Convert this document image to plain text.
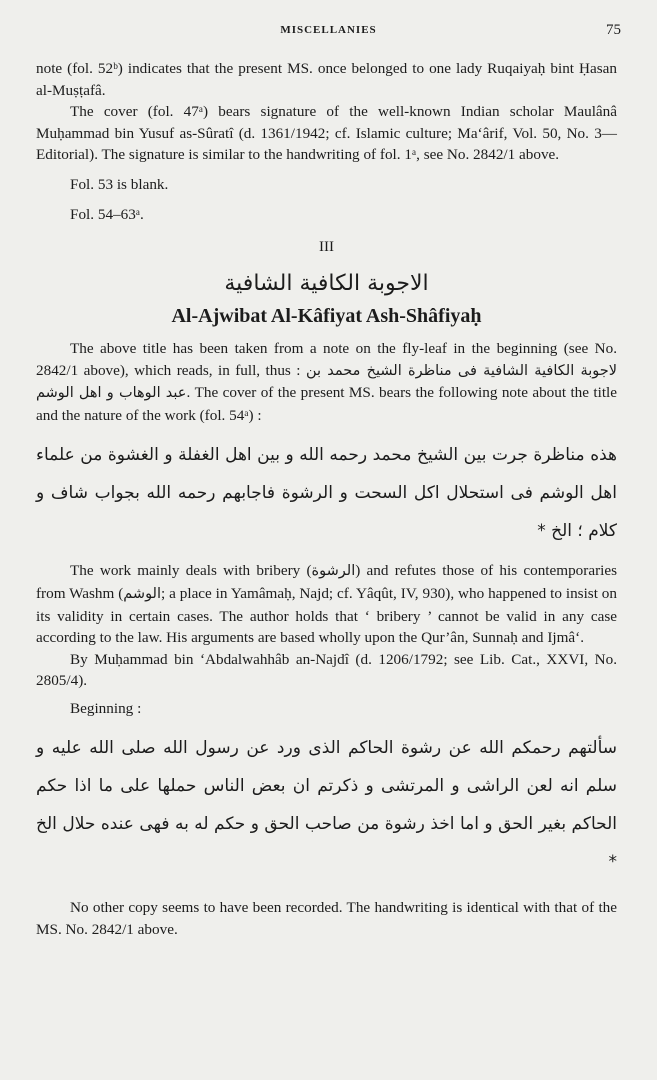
MISCELLANIES	75

note (fol. 52ᵇ) indicates that the present MS. once belonged to one lady Ruqaiyaḥ bint Ḥasan al-Muṣṭafâ.

The cover (fol. 47ᵃ) bears signature of the well-known Indian scholar Maulânâ Muḥammad bin Yusuf as-Sûratî (d. 1361/1942; cf. Islamic culture; Ma‘ârif, Vol. 50, No. 3—Editorial). The signature is similar to the handwriting of fol. 1ᵃ, see No. 2842/1 above.

Fol. 53 is blank.

Fol. 54–63ᵃ.

III
الاجوبة الكافية الشافية
Al-Ajwibat Al-Kâfiyat Ash-Shâfiyaḥ

The above title has been taken from a note on the fly-leaf in the beginning (see No. 2842/1 above), which reads, in full, thus : لاجوبة الكافية الشافية فى مناظرة الشيخ محمد بن عبد الوهاب و اهل الوشم. The cover of the present MS. bears the following note about the title and the nature of the work (fol. 54ᵃ) :

هذه مناظرة جرت بين الشيخ محمد رحمه الله و بين اهل الغفلة و الغشوة من علماء اهل الوشم فى استحلال اكل السحت و الرشوة فاجابهم رحمه الله بجواب شاف و كلام ؛ الخ *

The work mainly deals with bribery (الرشوة) and refutes those of his contemporaries from Washm (الوشم; a place in Yamâmaḥ, Najd; cf. Yâqût, IV, 930), who happened to insist on its validity in certain cases. The author holds that ‘ bribery ’ cannot be valid in any case according to the law. His arguments are based wholly upon the Qur’ân, Sunnaḥ and Ijmâ‘.

By Muḥammad bin ‘Abdalwahhâb an-Najdî (d. 1206/1792; see Lib. Cat., XXVI, No. 2805/4).

Beginning :

سألتهم رحمكم الله عن رشوة الحاكم الذى ورد عن رسول الله صلى الله عليه و سلم انه لعن الراشى و المرتشى و ذكرتم ان بعض الناس حملها على ما اذا حكم الحاكم بغير الحق و اما اخذ رشوة من صاحب الحق و حكم له به فهى عنده حلال الخ *

No other copy seems to have been recorded. The handwriting is identical with that of the MS. No. 2842/1 above.
